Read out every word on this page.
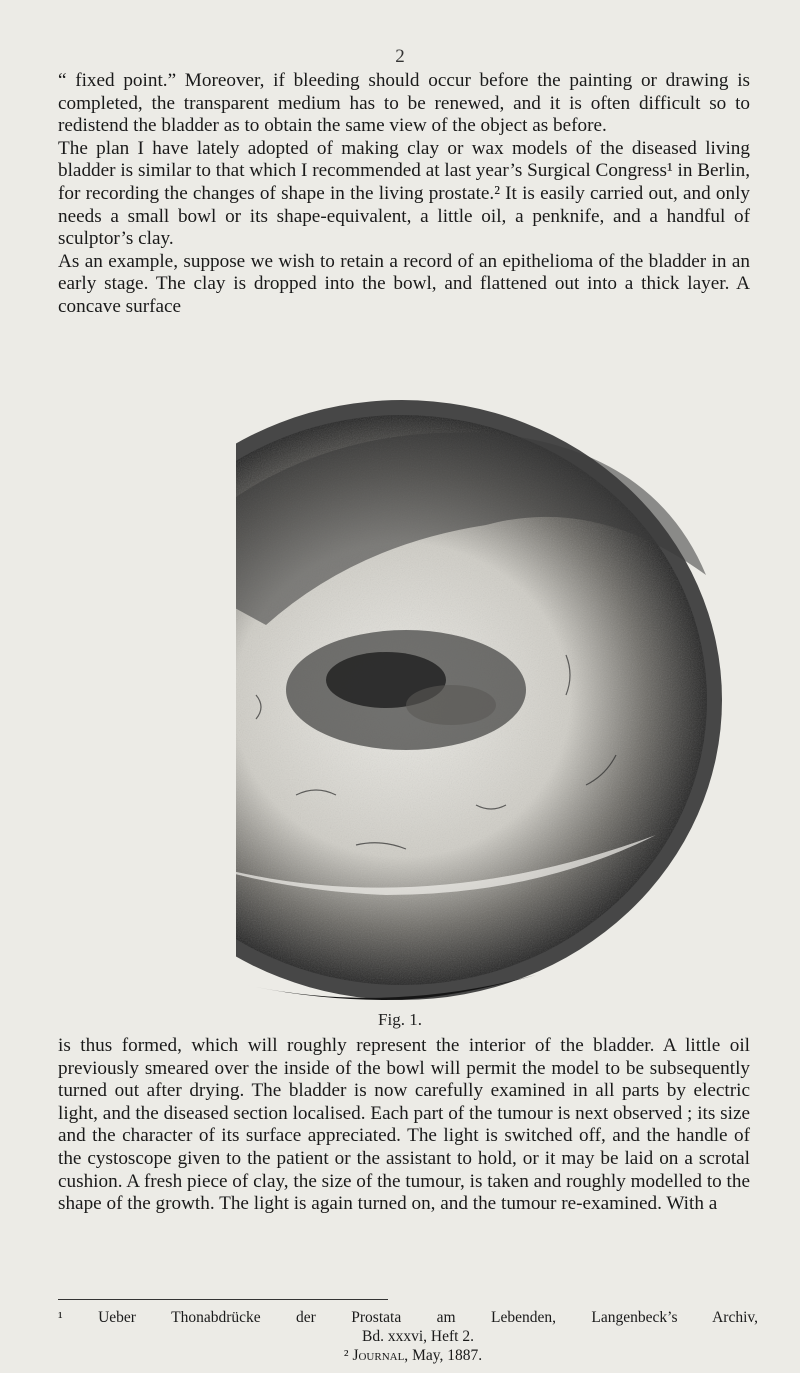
2

“ fixed point.” Moreover, if bleeding should occur before the painting or drawing is completed, the transparent medium has to be renewed, and it is often difficult so to redistend the bladder as to obtain the same view of the object as before.

The plan I have lately adopted of making clay or wax models of the diseased living bladder is similar to that which I recommended at last year’s Surgical Congress¹ in Berlin, for recording the changes of shape in the living prostate.² It is easily carried out, and only needs a small bowl or its shape-equivalent, a little oil, a penknife, and a handful of sculptor’s clay.

As an example, suppose we wish to retain a record of an epithelioma of the bladder in an early stage. The clay is dropped into the bowl, and flattened out into a thick layer. A concave surface

Fig. 1.

is thus formed, which will roughly represent the interior of the bladder. A little oil previously smeared over the inside of the bowl will permit the model to be subsequently turned out after drying. The bladder is now carefully examined in all parts by electric light, and the diseased section localised. Each part of the tumour is next observed ; its size and the character of its surface appreciated. The light is switched off, and the handle of the cystoscope given to the patient or the assistant to hold, or it may be laid on a scrotal cushion. A fresh piece of clay, the size of the tumour, is taken and roughly modelled to the shape of the growth. The light is again turned on, and the tumour re-examined. With a

¹ Ueber Thonabdrücke der Prostata am Lebenden, Langenbeck’s Archiv,
Bd. xxxvi, Heft 2.
² Journal, May, 1887.
